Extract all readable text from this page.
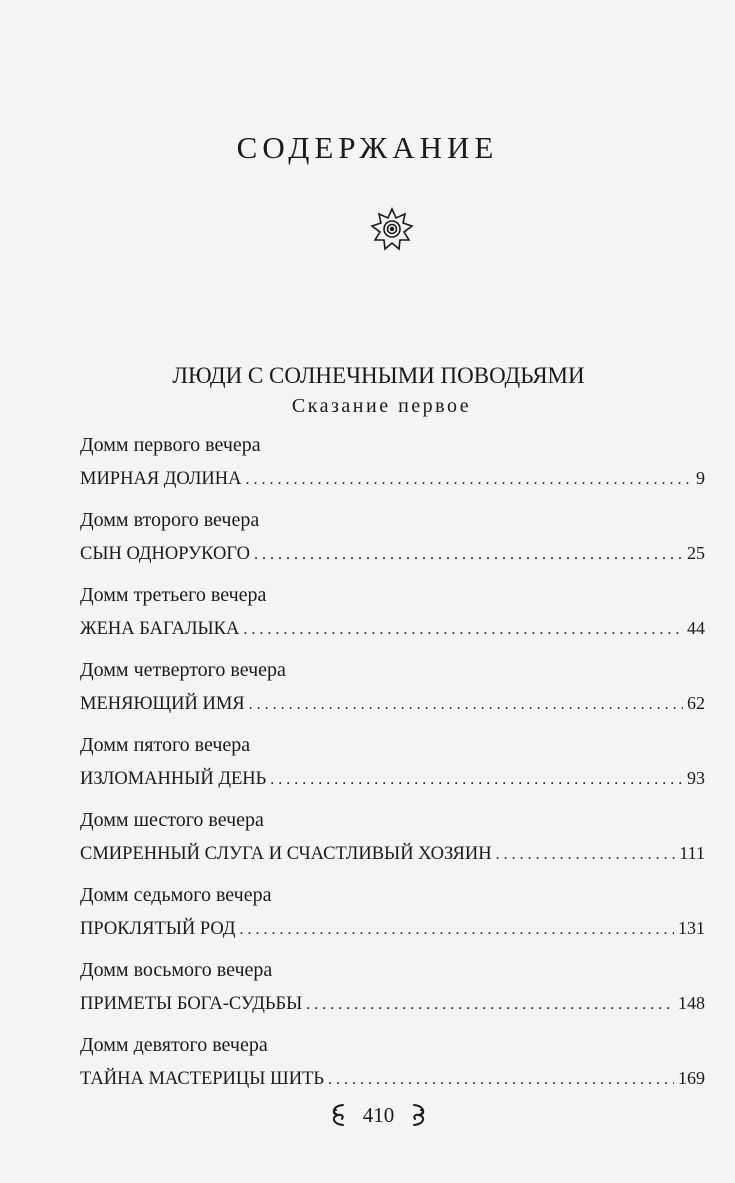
СОДЕРЖАНИЕ
ЛЮДИ С СОЛНЕЧНЫМИ ПОВОДЬЯМИ
Сказание первое
Домм первого вечера
МИРНАЯ ДОЛИНА . . .	9
Домм второго вечера
СЫН ОДНОРУКОГО . . .	25
Домм третьего вечера
ЖЕНА БАГАЛЫКА . . .	44
Домм четвертого вечера
МЕНЯЮЩИЙ ИМЯ . . .	62
Домм пятого вечера
ИЗЛОМАННЫЙ ДЕНЬ . . .	93
Домм шестого вечера
СМИРЕННЫЙ СЛУГА И СЧАСТЛИВЫЙ ХОЗЯИН . . .	111
Домм седьмого вечера
ПРОКЛЯТЫЙ РОД . . .	131
Домм восьмого вечера
ПРИМЕТЫ БОГА-СУДЬБЫ . . .	148
Домм девятого вечера
ТАЙНА МАСТЕРИЦЫ ШИТЬ . . .	169
410
